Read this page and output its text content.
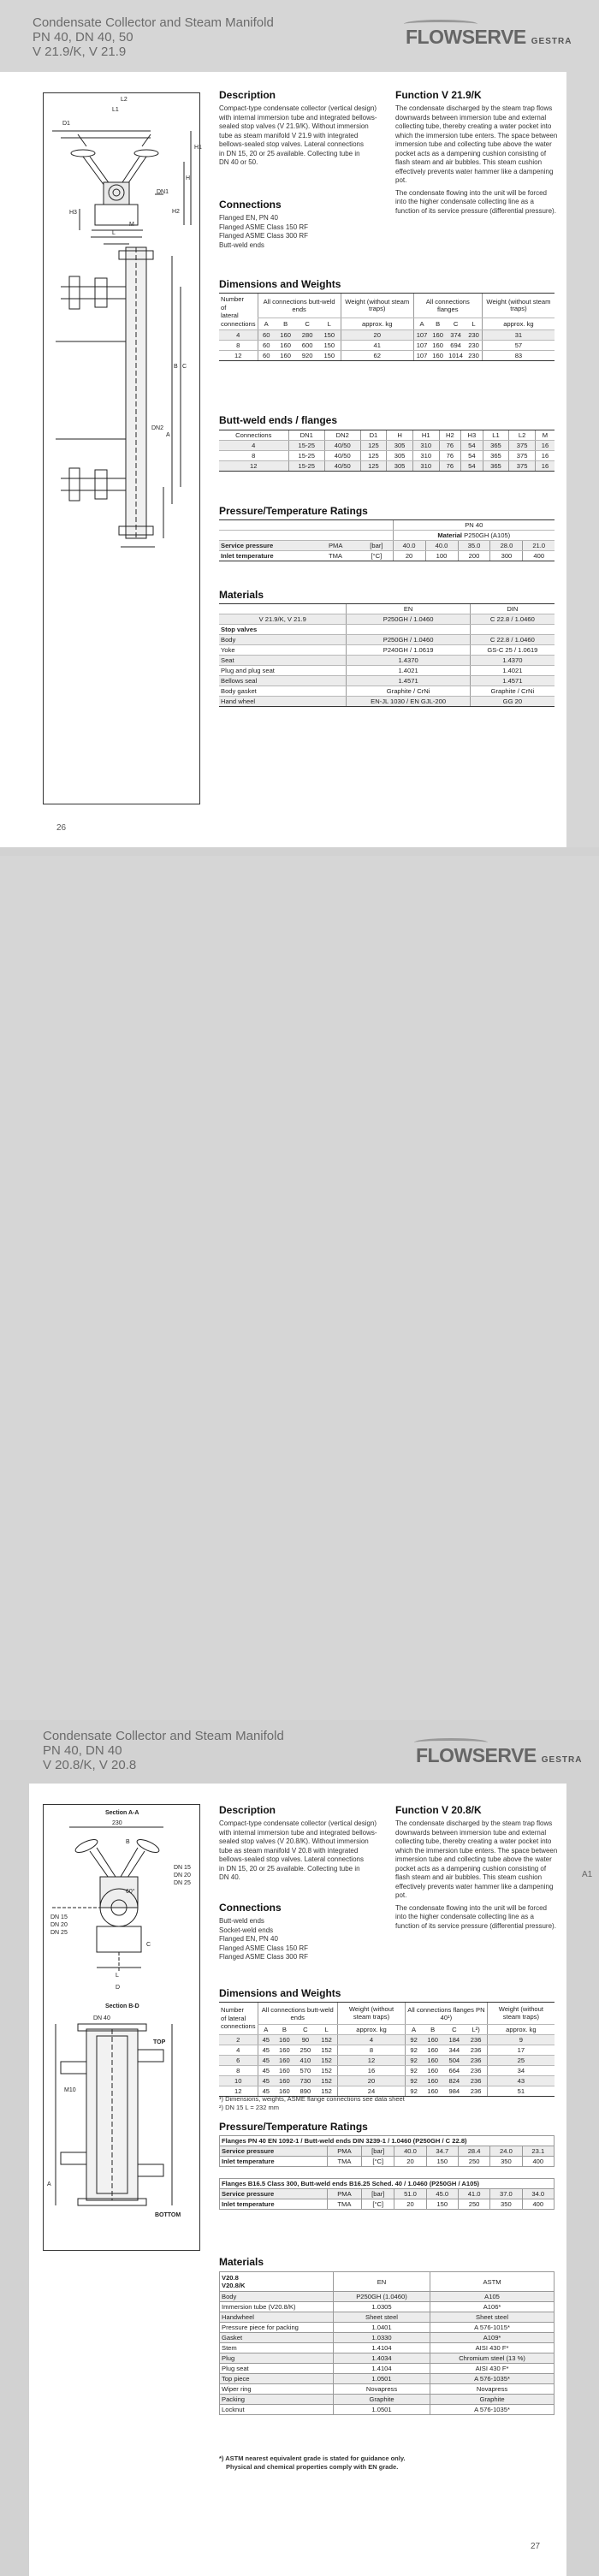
Condensate Collector and Steam Manifold
PN 40, DN 40, 50
V 21.9/K, V 21.9
FLOWSERVE GESTRA
L2
L1
D1
H1
H
DN1
H2
H3
M
L
B C
A
DN2
26
Description
Compact-type condensate collector (vertical design)
with internal immersion tube and integrated bellows-
sealed stop valves (V 21.9/K). Without immersion
tube as steam manifold V 21.9 with integrated
bellows-sealed stop valves. Lateral connections
in DN 15, 20 or 25 available. Collecting tube in
DN 40 or 50.
Function V 21.9/K
The condensate discharged by the steam trap flows
downwards between immersion tube and external
collecting tube, thereby creating a water pocket into
which the immersion tube enters. The space between
immersion tube and collecting tube above the water
pocket acts as a dampening cushion consisting of
flash steam and air bubbles. This steam cushion
effectively prevents water hammer like a dampening
pot.
The condensate flowing into the unit will be forced
into the higher condensate collecting line as a
function of its service pressure (differential pressure).
Connections
Flanged EN, PN 40
Flanged ASME Class 150 RF
Flanged ASME Class 300 RF
Butt-weld ends
Dimensions and Weights
Number
of
lateral
connections	All connections butt-weld ends				Weight (without steam traps)	All connections flanges				Weight (without steam traps)
	A	B	C	L	approx. kg	A	B	C	L	approx. kg
4	60	160	280	150	20	107	160	374	230	31
8	60	160	600	150	41	107	160	694	230	57
12	60	160	920	150	62	107	160	1014	230	83
Butt-weld ends / flanges
Connections	DN1	DN2	D1	H	H1	H2	H3	L1	L2	M
4	15-25	40/50	125	305	310	76	54	365	375	16
8	15-25	40/50	125	305	310	76	54	365	375	16
12	15-25	40/50	125	305	310	76	54	365	375	16
Pressure/Temperature Ratings
			PN 40				
			Material P250GH (A105)				
Service pressure	PMA	[bar]	40.0	40.0	35.0	28.0	21.0
Inlet temperature	TMA	[°C]	20	100	200	300	400
Materials
	EN	DIN
V 21.9/K, V 21.9	P250GH / 1.0460	C 22.8 / 1.0460
Stop valves		
Body	P250GH / 1.0460	C 22.8 / 1.0460
Yoke	P240GH / 1.0619	GS-C 25 / 1.0619
Seat	1.4370	1.4370
Plug and plug seat	1.4021	1.4021
Bellows seal	1.4571	1.4571
Body gasket	Graphite / CrNi	Graphite / CrNi
Hand wheel	EN-JL 1030 / EN GJL-200	GG 20
Condensate Collector and Steam Manifold
PN 40, DN 40
V 20.8/K, V 20.8	FLOWSERVE GESTRA
A1
Section A-A
230
B
DN 15
DN 20
DN 25
DN 15
DN 20
DN 25
60°
C
L
D
Section B-D
DN 40
TOP
M10
BOTTOM
A
Description
Compact-type condensate collector (vertical design)
with internal immersion tube and integrated bellows-
sealed stop valves (V 20.8/K). Without immersion
tube as steam manifold V 20.8 with integrated
bellows-sealed stop valves. Lateral connections
in DN 15, 20 or 25 available. Collecting tube in
DN 40.
Function V 20.8/K
The condensate discharged by the steam trap flows
downwards between immersion tube and external
collecting tube, thereby creating a water pocket into
which the immersion tube enters. The space between
immersion tube and collecting tube above the water
pocket acts as a dampening cushion consisting of
flash steam and air bubbles. This steam cushion
effectively prevents water hammer like a dampening
pot.
The condensate flowing into the unit will be forced
into the higher condensate collecting line as a
function of its service pressure (differential pressure).
Connections
Butt-weld ends
Socket-weld ends
Flanged EN, PN 40
Flanged ASME Class 150 RF
Flanged ASME Class 300 RF
Dimensions and Weights
Number
of lateral
connections	All connections butt-weld ends				Weight (without steam traps)	All connections flanges PN 40¹)				Weight (without steam traps)
	A	B	C	L	approx. kg	A	B	C	L²)	approx. kg
2	45	160	90	152	4	92	160	184	236	9
4	45	160	250	152	8	92	160	344	236	17
6	45	160	410	152	12	92	160	504	236	25
8	45	160	570	152	16	92	160	664	236	34
10	45	160	730	152	20	92	160	824	236	43
12	45	160	890	152	24	92	160	984	236	51
¹) Dimensions, weights, ASME flange connections see data sheet
²) DN 15 L = 232 mm
Pressure/Temperature Ratings
Flanges PN 40 EN 1092-1 / Butt-weld ends DIN 3239-1 / 1.0460 (P250GH / C 22.8)							
Service pressure	PMA	[bar]	40.0	34.7	28.4	24.0	23.1
Inlet temperature	TMA	[°C]	20	150	250	350	400
Flanges B16.5 Class 300, Butt-weld ends B16.25 Sched. 40 / 1.0460 (P250GH / A105)							
Service pressure	PMA	[bar]	51.0	45.0	41.0	37.0	34.0
Inlet temperature	TMA	[°C]	20	150	250	350	400
Materials
V20.8
V20.8/K	EN	ASTM
Body	P250GH (1.0460)	A105
Immersion tube (V20.8/K)	1.0305	A106*
Handwheel	Sheet steel	Sheet steel
Pressure piece for packing	1.0401	A 576-1015*
Gasket	1.0330	A109*
Stem	1.4104	AISI 430 F*
Plug	1.4034	Chromium steel (13 %)
Plug seat	1.4104	AISI 430 F*
Top piece	1.0501	A 576-1035*
Wiper ring	Novapress	Novapress
Packing	Graphite	Graphite
Locknut	1.0501	A 576-1035*
*) ASTM nearest equivalent grade is stated for guidance only.
Physical and chemical properties comply with EN grade.
27
